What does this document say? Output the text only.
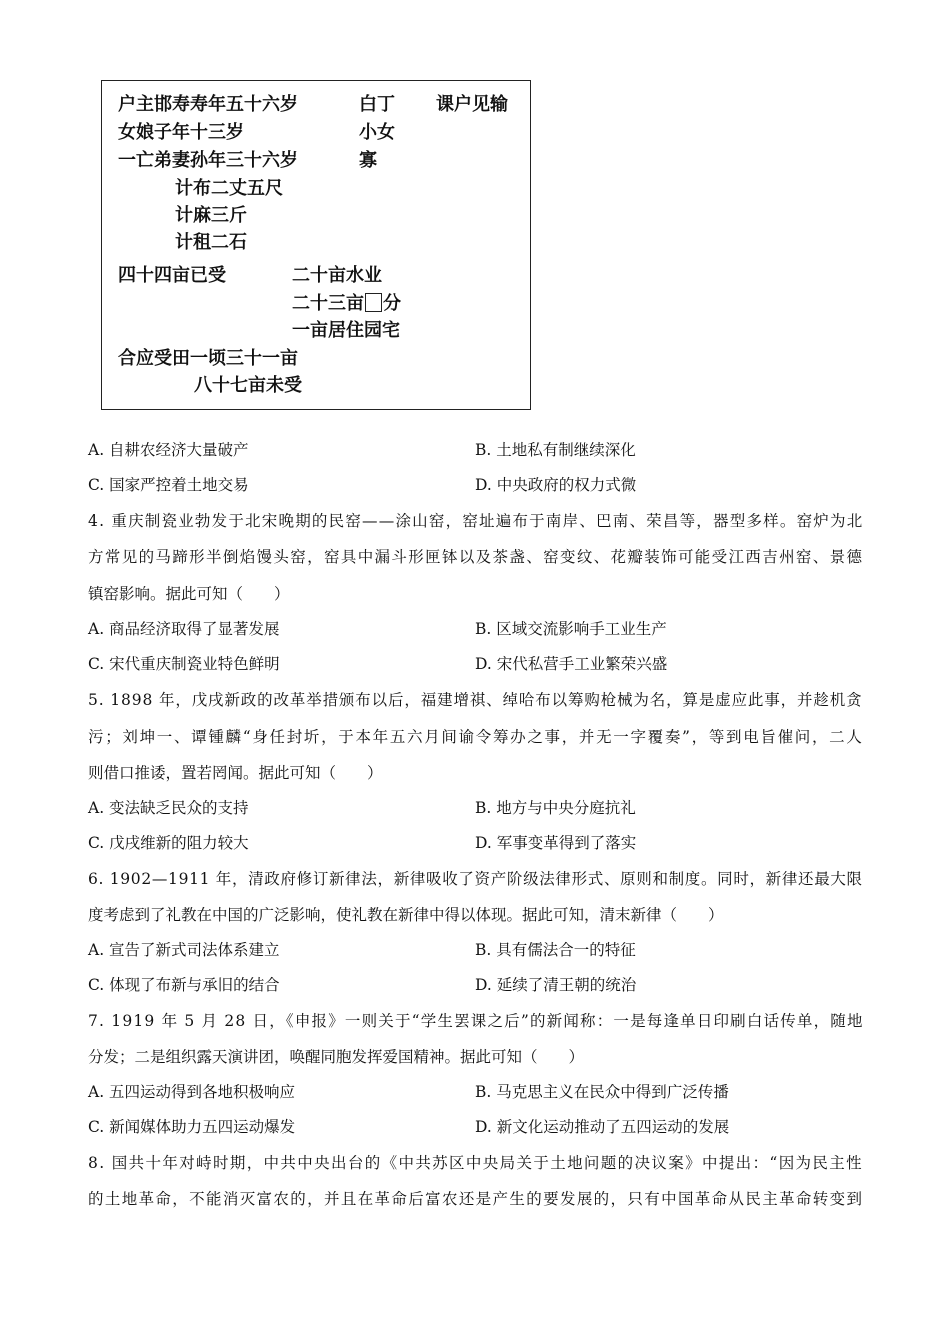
户主邯寿寿年五十六岁	白丁 课户见输
女娘子年十三岁	小女
一亡弟妻孙年三十六岁	寡
计布二丈五尺
计麻三斤
计租二石
四十四亩已受	二十亩水业
二十三亩 分
一亩居住园宅
合应受田一顷三十一亩
八十七亩未受
A. 自耕农经济大量破产	B. 土地私有制继续深化
C. 国家严控着土地交易	D. 中央政府的权力式微
4. 重庆制瓷业勃发于北宋晚期的民窑——涂山窑，窑址遍布于南岸、巴南、荣昌等，器型多样。窑炉为北
方常见的马蹄形半倒焰馒头窑，窑具中漏斗形匣钵以及茶盏、窑变纹、花瓣装饰可能受江西吉州窑、景德
镇窑影响。据此可知（　　）
A. 商品经济取得了显著发展	B. 区域交流影响手工业生产
C. 宋代重庆制瓷业特色鲜明	D. 宋代私营手工业繁荣兴盛
5. 1898 年，戊戌新政的改革举措颁布以后，福建增祺、绰哈布以筹购枪械为名，算是虚应此事，并趁机贪
污；刘坤一、谭锺麟“身任封圻，于本年五六月间谕令筹办之事，并无一字覆奏”，等到电旨催问，二人
则借口推诿，置若罔闻。据此可知（　　）
A. 变法缺乏民众的支持	B. 地方与中央分庭抗礼
C. 戊戌维新的阻力较大	D. 军事变革得到了落实
6. 1902—1911 年，清政府修订新律法，新律吸收了资产阶级法律形式、原则和制度。同时，新律还最大限
度考虑到了礼教在中国的广泛影响，使礼教在新律中得以体现。据此可知，清末新律（　　）
A. 宣告了新式司法体系建立	B. 具有儒法合一的特征
C. 体现了布新与承旧的结合	D. 延续了清王朝的统治
7. 1919 年 5 月 28 日，《申报》一则关于“学生罢课之后”的新闻称：一是每逢单日印刷白话传单，随地
分发；二是组织露天演讲团，唤醒同胞发挥爱国精神。据此可知（　　）
A. 五四运动得到各地积极响应	B. 马克思主义在民众中得到广泛传播
C. 新闻媒体助力五四运动爆发	D. 新文化运动推动了五四运动的发展
8. 国共十年对峙时期，中共中央出台的《中共苏区中央局关于土地问题的决议案》中提出：“因为民主性
的土地革命，不能消灭富农的，并且在革命后富农还是产生的要发展的，只有中国革命从民主革命转变到
